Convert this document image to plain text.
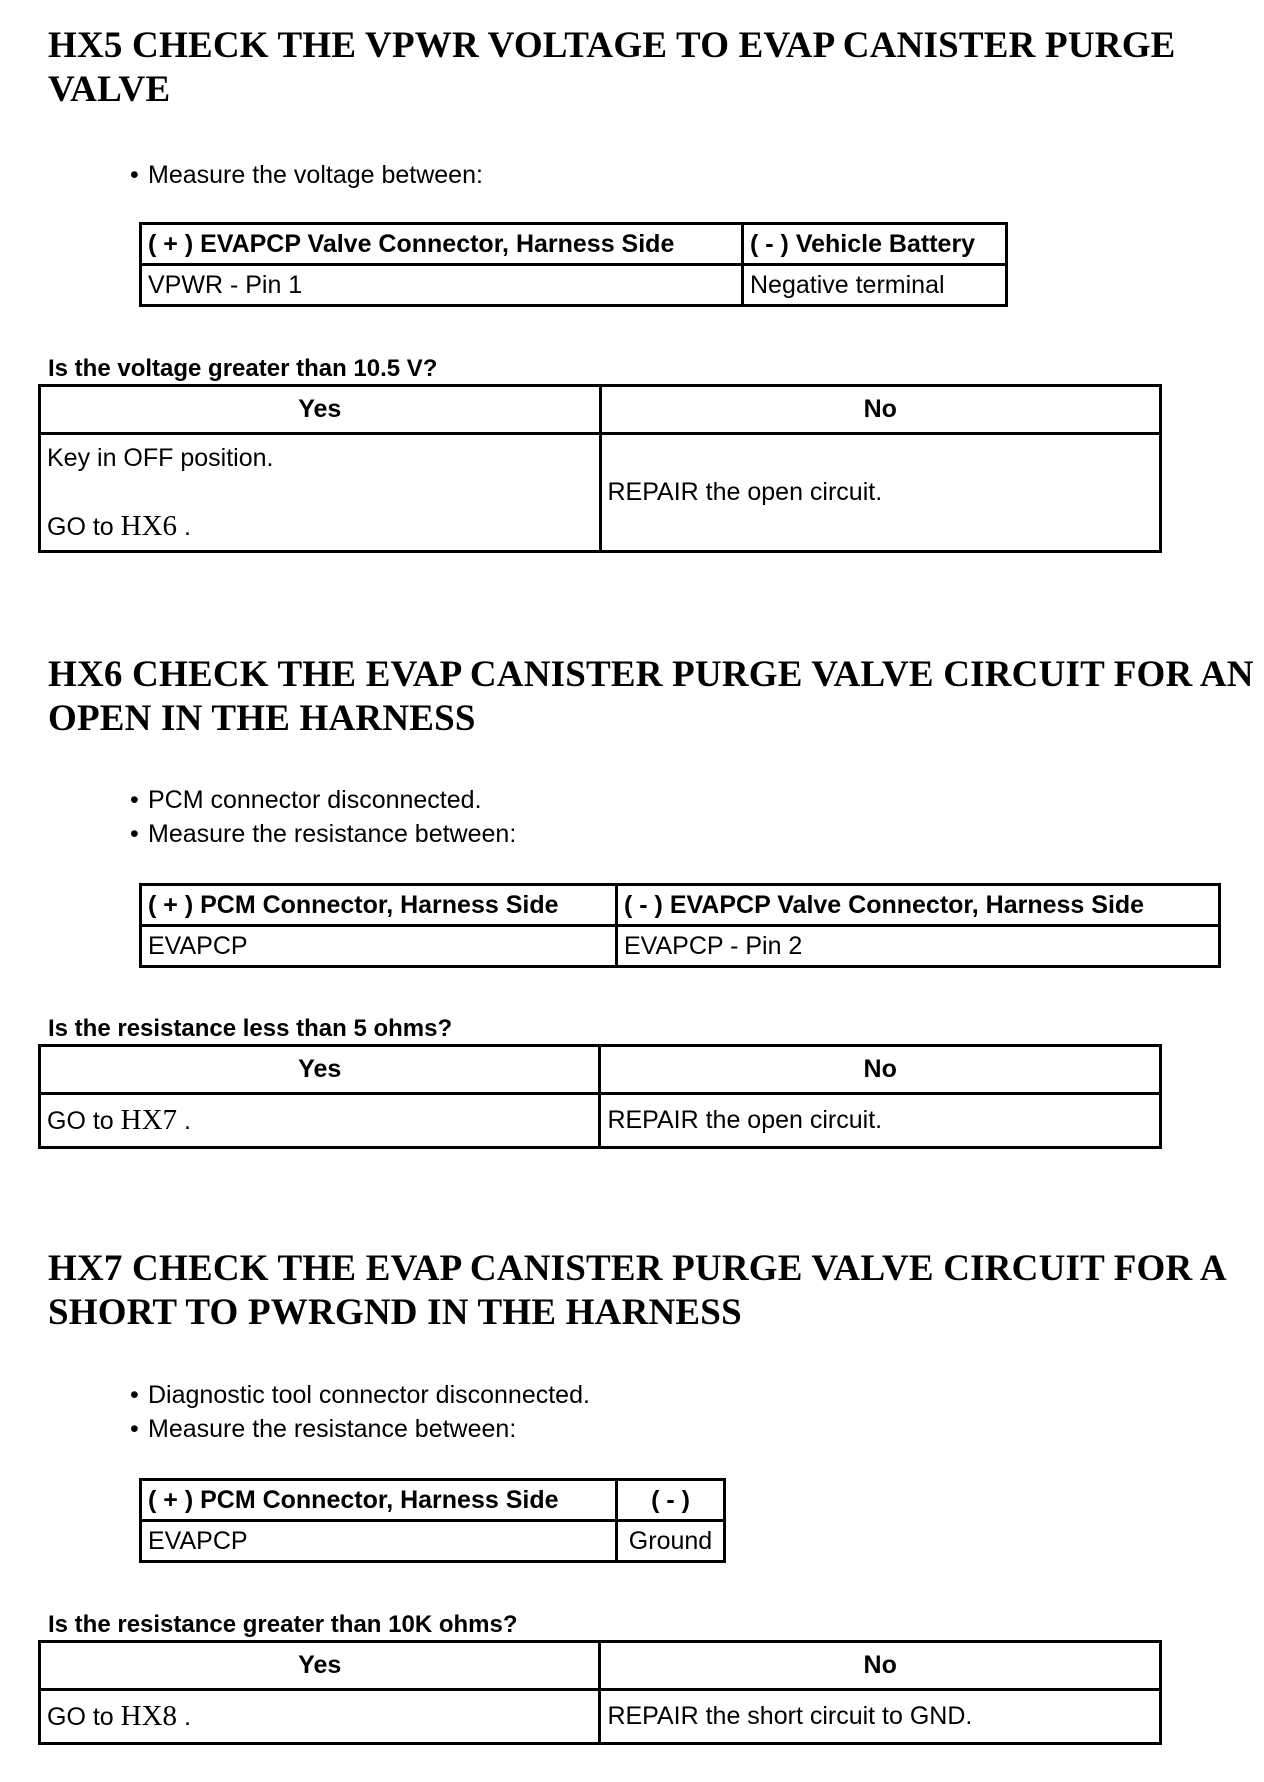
HX5 CHECK THE VPWR VOLTAGE TO EVAP CANISTER PURGE VALVE
• Measure the voltage between:
( + ) EVAPCP Valve Connector, Harness Side	( - ) Vehicle Battery
VPWR - Pin 1	Negative terminal

Is the voltage greater than 10.5 V?

Yes	No

Key in OFF position.
GO to HX6 .	REPAIR the open circuit.
HX6 CHECK THE EVAP CANISTER PURGE VALVE CIRCUIT FOR AN OPEN IN THE HARNESS
• PCM connector disconnected.
• Measure the resistance between:
( + ) PCM Connector, Harness Side	( - ) EVAPCP Valve Connector, Harness Side
EVAPCP	EVAPCP - Pin 2

Is the resistance less than 5 ohms?

Yes	No
GO to HX7 .	REPAIR the open circuit.
HX7 CHECK THE EVAP CANISTER PURGE VALVE CIRCUIT FOR A SHORT TO PWRGND IN THE HARNESS
• Diagnostic tool connector disconnected.
• Measure the resistance between:
( + ) PCM Connector, Harness Side	( - )
EVAPCP	Ground

Is the resistance greater than 10K ohms?

Yes	No
GO to HX8 .	REPAIR the short circuit to GND.
